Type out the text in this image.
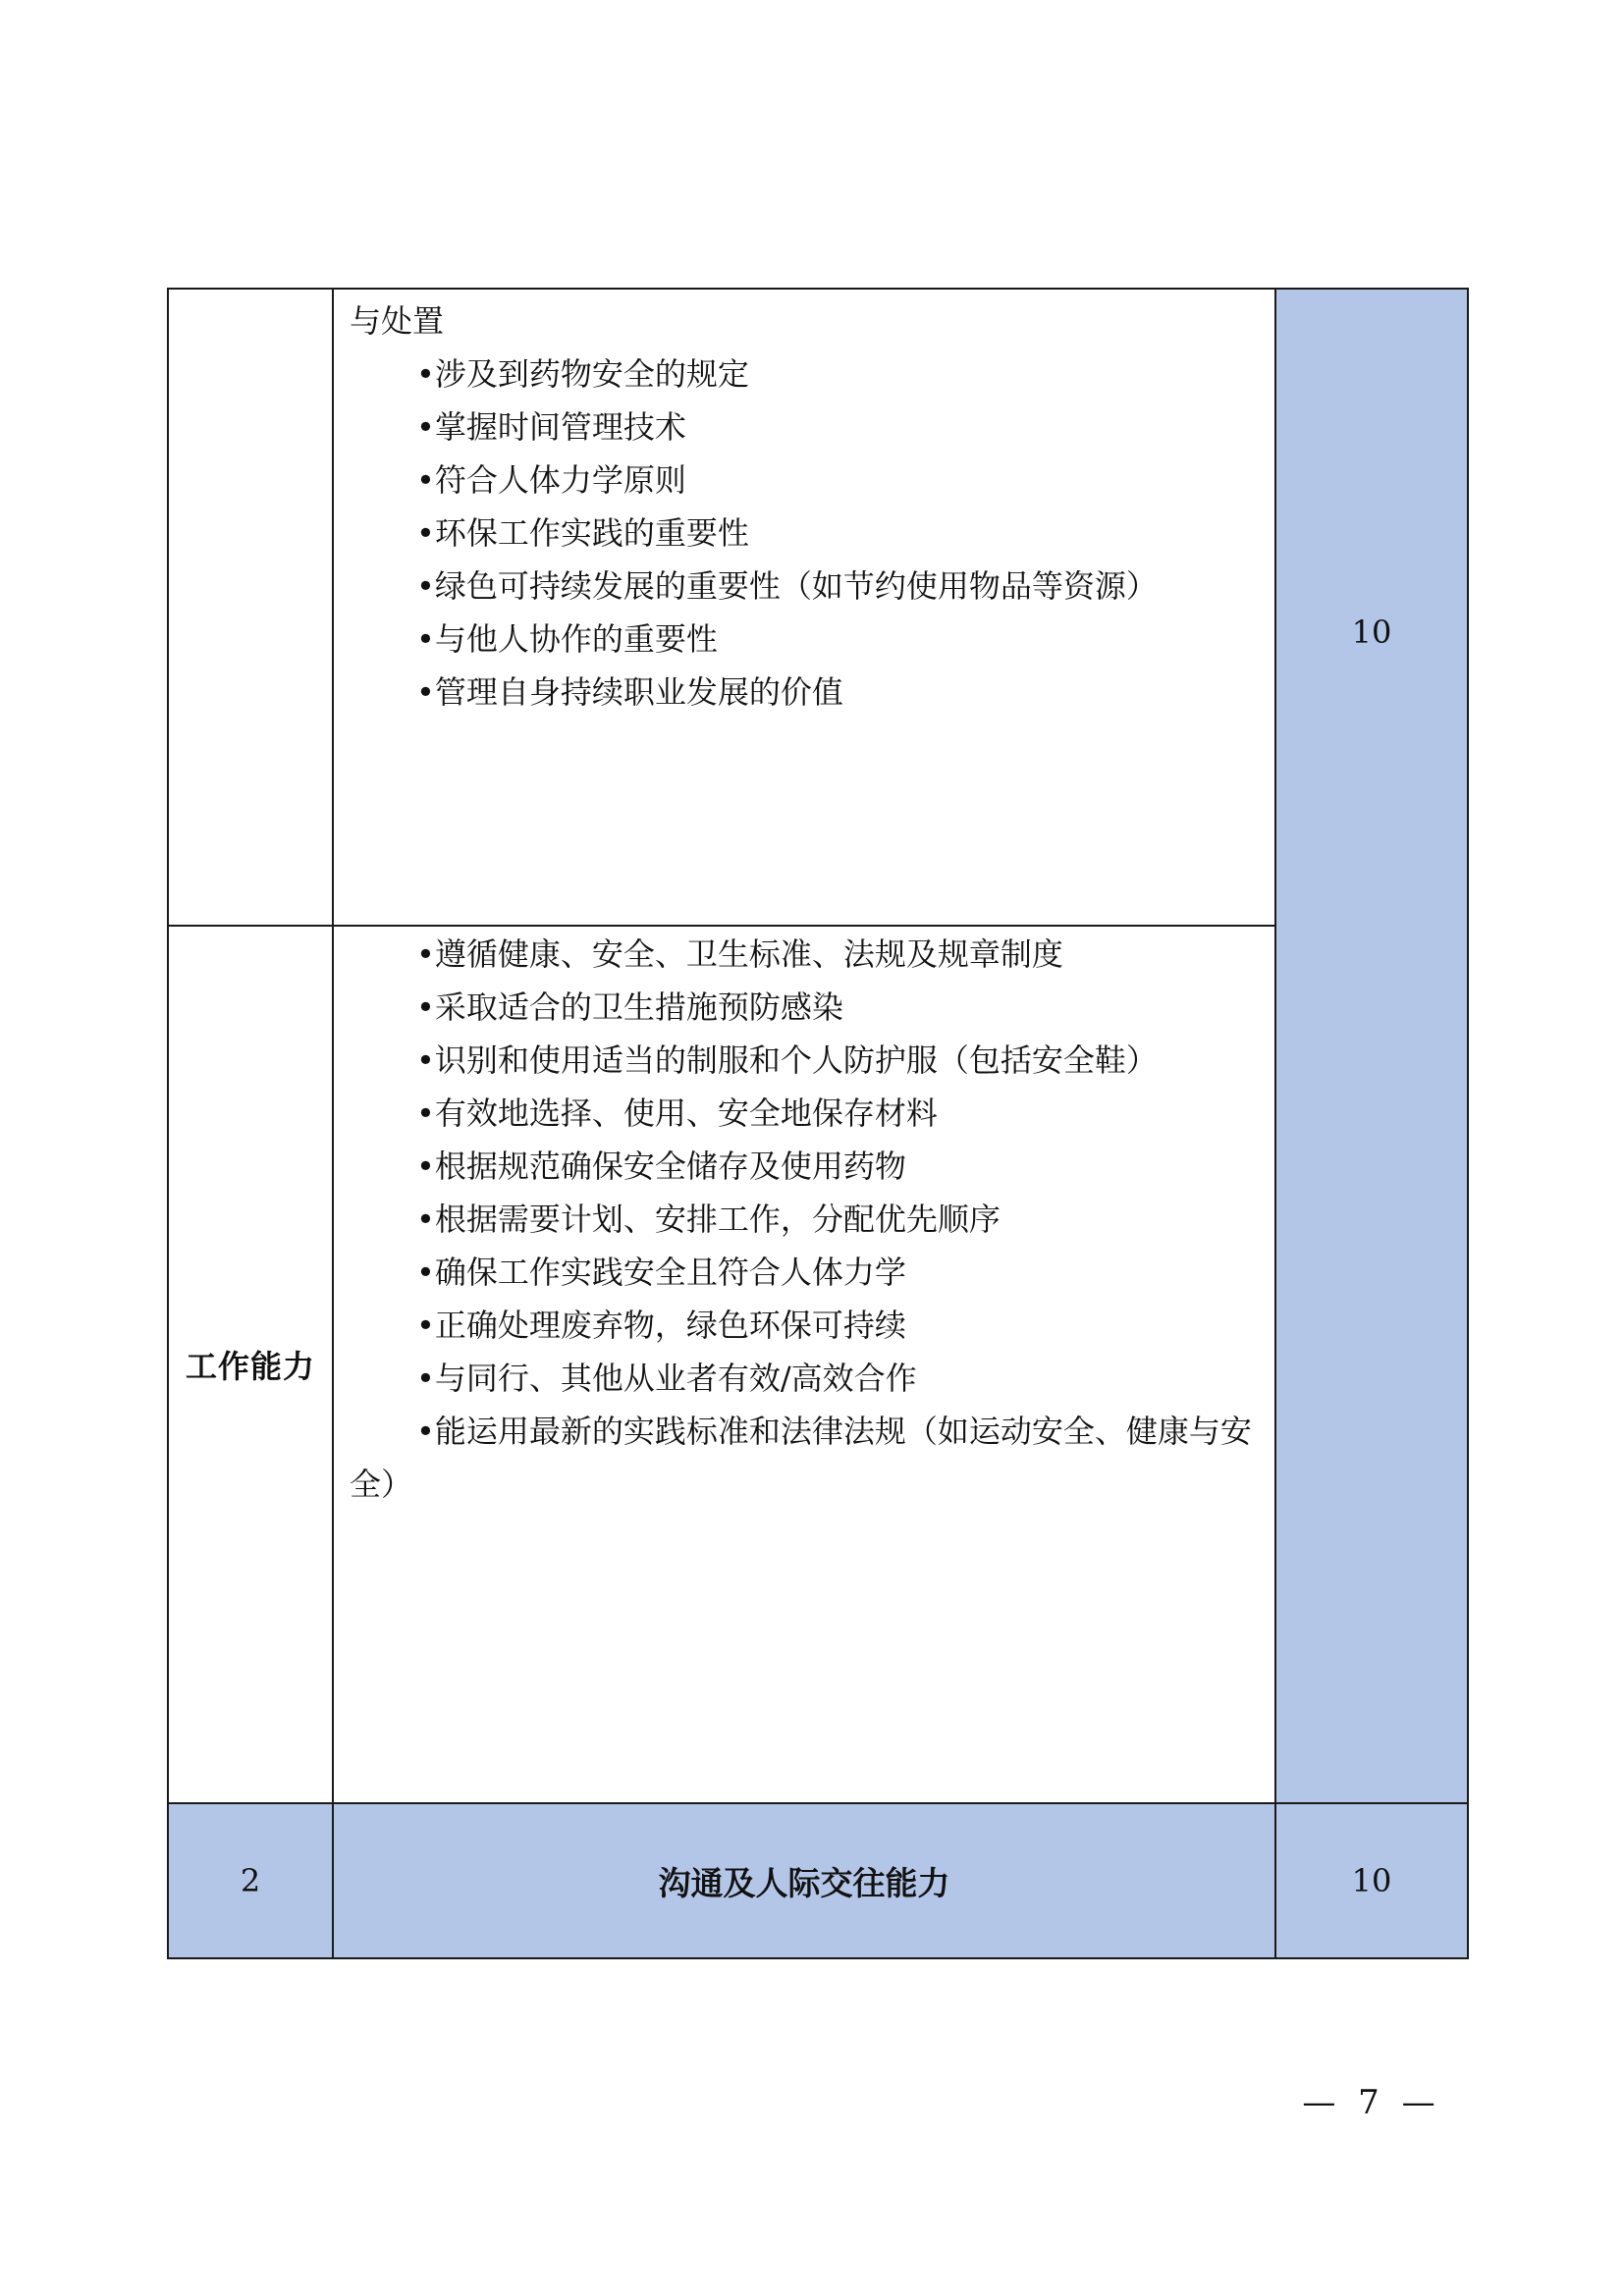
与处置
•涉及到药物安全的规定
•掌握时间管理技术
•符合人体力学原则
•环保工作实践的重要性
•绿色可持续发展的重要性（如节约使用物品等资源）
•与他人协作的重要性
•管理自身持续职业发展的价值
10
工作能力
•遵循健康、安全、卫生标准、法规及规章制度
•采取适合的卫生措施预防感染
•识别和使用适当的制服和个人防护服（包括安全鞋）
•有效地选择、使用、安全地保存材料
•根据规范确保安全储存及使用药物
•根据需要计划、安排工作，分配优先顺序
•确保工作实践安全且符合人体力学
•正确处理废弃物，绿色环保可持续
•与同行、其他从业者有效/高效合作
•能运用最新的实践标准和法律法规（如运动安全、健康与安
全）
2	沟通及人际交往能力	10
— 7 —
